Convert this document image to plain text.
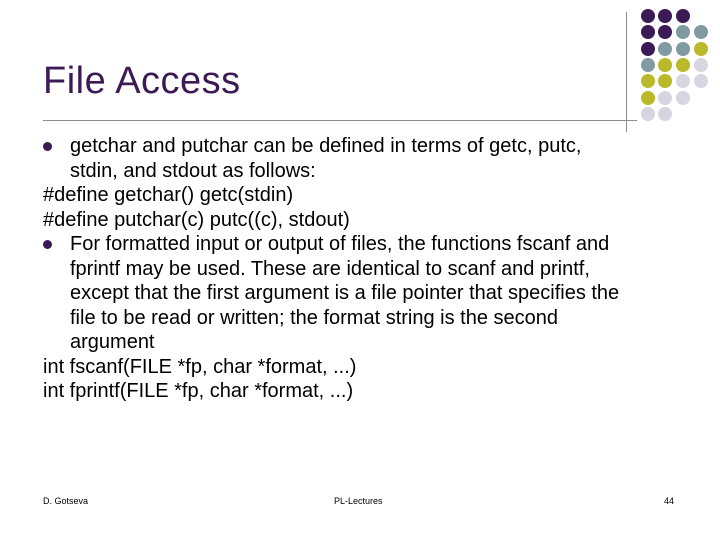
File Access
getchar and putchar can be defined in terms of getc, putc,
stdin, and stdout as follows:
#define getchar() getc(stdin)
#define putchar(c) putc((c), stdout)
For formatted input or output of files, the functions fscanf and
fprintf may be used. These are identical to scanf and printf,
except that the first argument is a file pointer that specifies the
file to be read or written; the format string is the second
argument
int fscanf(FILE *fp, char *format, ...)
int fprintf(FILE *fp, char *format, ...)
D. Gotseva	PL-Lectures	44
